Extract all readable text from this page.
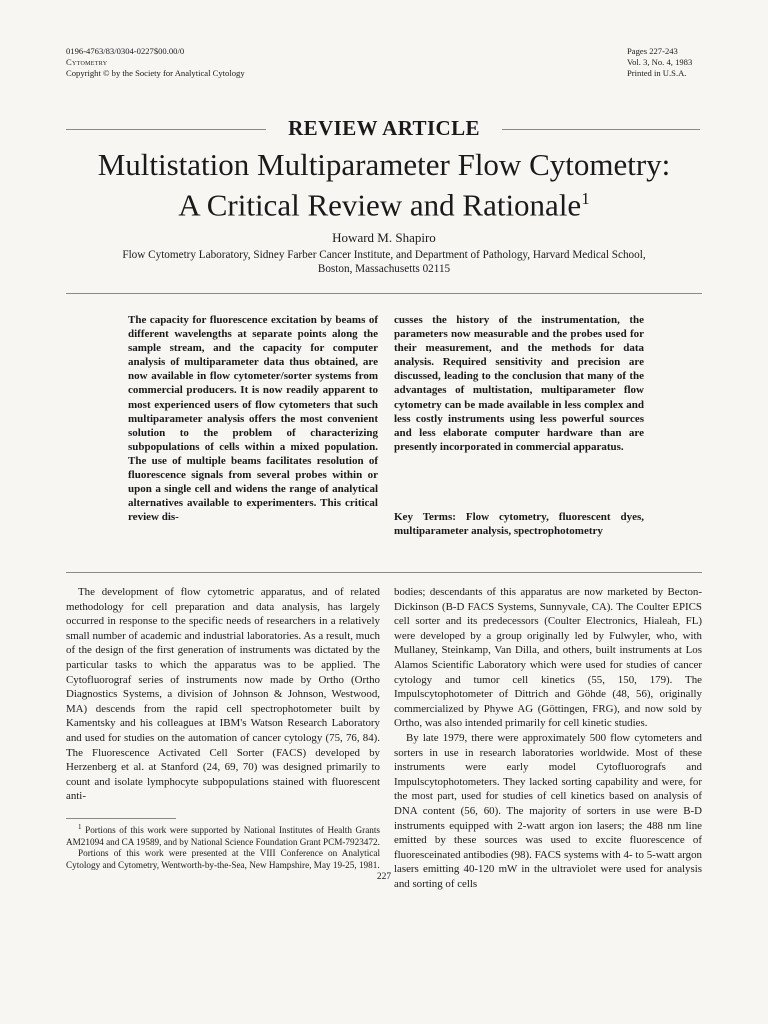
0196-4763/83/0304-0227$00.00/0
Cytometry
Copyright © by the Society for Analytical Cytology
Pages 227-243
Vol. 3, No. 4, 1983
Printed in U.S.A.
REVIEW ARTICLE
Multistation Multiparameter Flow Cytometry:
A Critical Review and Rationale$^1$
Howard M. Shapiro
Flow Cytometry Laboratory, Sidney Farber Cancer Institute, and Department of Pathology, Harvard Medical School,
Boston, Massachusetts 02115
The capacity for fluorescence excitation by beams of different wavelengths at separate points along the sample stream, and the capacity for computer analysis of multiparameter data thus obtained, are now available in flow cytometer/sorter systems from commercial producers. It is now readily apparent to most experienced users of flow cytometers that such multiparameter analysis offers the most convenient solution to the problem of characterizing subpopulations of cells within a mixed population. The use of multiple beams facilitates resolution of fluorescence signals from several probes within or upon a single cell and widens the range of analytical alternatives available to experimenters. This critical review dis-
cusses the history of the instrumentation, the parameters now measurable and the probes used for their measurement, and the methods for data analysis. Required sensitivity and precision are discussed, leading to the conclusion that many of the advantages of multistation, multiparameter flow cytometry can be made available in less complex and less costly instruments using less powerful sources and less elaborate computer hardware than are presently incorporated in commercial apparatus.
Key Terms: Flow cytometry, fluorescent dyes, multiparameter analysis, spectrophotometry

The development of flow cytometric apparatus, and of related methodology for cell preparation and data analysis, has largely occurred in response to the specific needs of researchers in a relatively small number of academic and industrial laboratories. As a result, much of the design of the first generation of instruments was dictated by the particular tasks to which the apparatus was to be applied. The Cytofluorograf series of instruments now made by Ortho (Ortho Diagnostics Systems, a division of Johnson & Johnson, Westwood, MA) descends from the rapid cell spectrophotometer built by Kamentsky and his colleagues at IBM's Watson Research Laboratory and used for studies on the automation of cancer cytology (75, 76, 84). The Fluorescence Activated Cell Sorter (FACS) developed by Herzenberg et al. at Stanford (24, 69, 70) was designed primarily to count and isolate lymphocyte subpopulations stained with fluorescent anti-

bodies; descendants of this apparatus are now marketed by Becton-Dickinson (B-D FACS Systems, Sunnyvale, CA). The Coulter EPICS cell sorter and its predecessors (Coulter Electronics, Hialeah, FL) were developed by a group originally led by Fulwyler, who, with Mullaney, Steinkamp, Van Dilla, and others, built instruments at Los Alamos Scientific Laboratory which were used for studies of cancer cytology and tumor cell kinetics (55, 150, 179). The Impulscytophotometer of Dittrich and Göhde (48, 56), originally commercialized by Phywe AG (Göttingen, FRG), and now sold by Ortho, was also intended primarily for cell kinetic studies.

By late 1979, there were approximately 500 flow cytometers and sorters in use in research laboratories worldwide. Most of these instruments were early model Cytofluorografs and Impulscytophotometers. They lacked sorting capability and were, for the most part, used for studies of cell kinetics based on analysis of DNA content (56, 60). The majority of sorters in use were B-D instruments equipped with 2-watt argon ion lasers; the 488 nm line emitted by these sources was used to excite fluorescence of fluoresceinated antibodies (98). FACS systems with 4- to 5-watt argon lasers emitting 40-120 mW in the ultraviolet were used for analysis and sorting of cells

$^1$ Portions of this work were supported by National Institutes of Health Grants AM21094 and CA 19589, and by National Science Foundation Grant PCM-7923472.

Portions of this work were presented at the VIII Conference on Analytical Cytology and Cytometry, Wentworth-by-the-Sea, New Hampshire, May 19-25, 1981.

227
